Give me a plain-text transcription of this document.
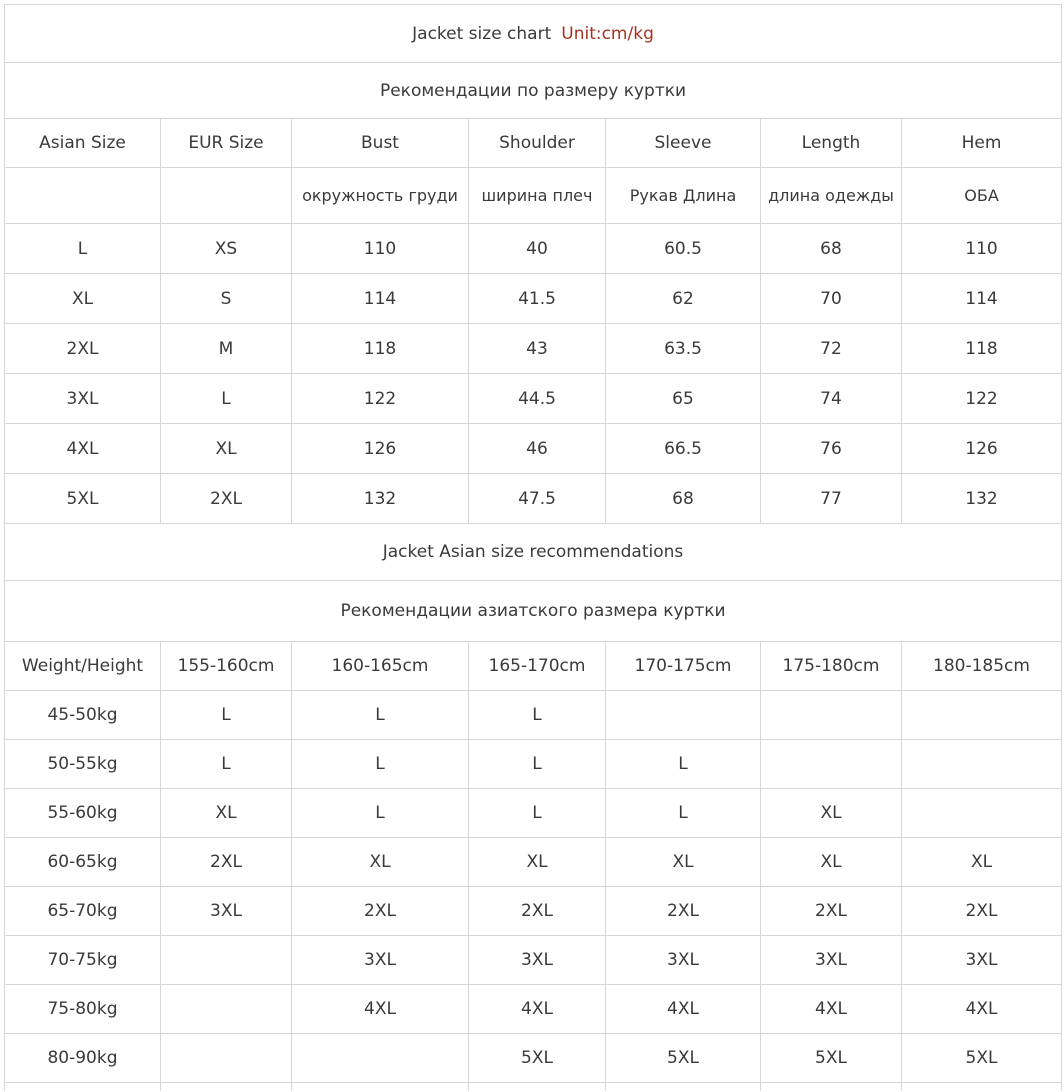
Jacket size chart Unit:cm/kg						
Рекомендации по размеру куртки						
Asian Size	EUR Size	Bust	Shoulder	Sleeve	Length	Hem
		окружность груди	ширина плеч	Рукав Длина	длина одежды	ОБА
L	XS	110	40	60.5	68	110
XL	S	114	41.5	62	70	114
2XL	M	118	43	63.5	72	118
3XL	L	122	44.5	65	74	122
4XL	XL	126	46	66.5	76	126
5XL	2XL	132	47.5	68	77	132
Jacket Asian size recommendations						
Рекомендации азиатского размера куртки						
Weight/Height	155-160cm	160-165cm	165-170cm	170-175cm	175-180cm	180-185cm
45-50kg	L	L	L			
50-55kg	L	L	L	L		
55-60kg	XL	L	L	L	XL	
60-65kg	2XL	XL	XL	XL	XL	XL
65-70kg	3XL	2XL	2XL	2XL	2XL	2XL
70-75kg		3XL	3XL	3XL	3XL	3XL
75-80kg		4XL	4XL	4XL	4XL	4XL
80-90kg			5XL	5XL	5XL	5XL
